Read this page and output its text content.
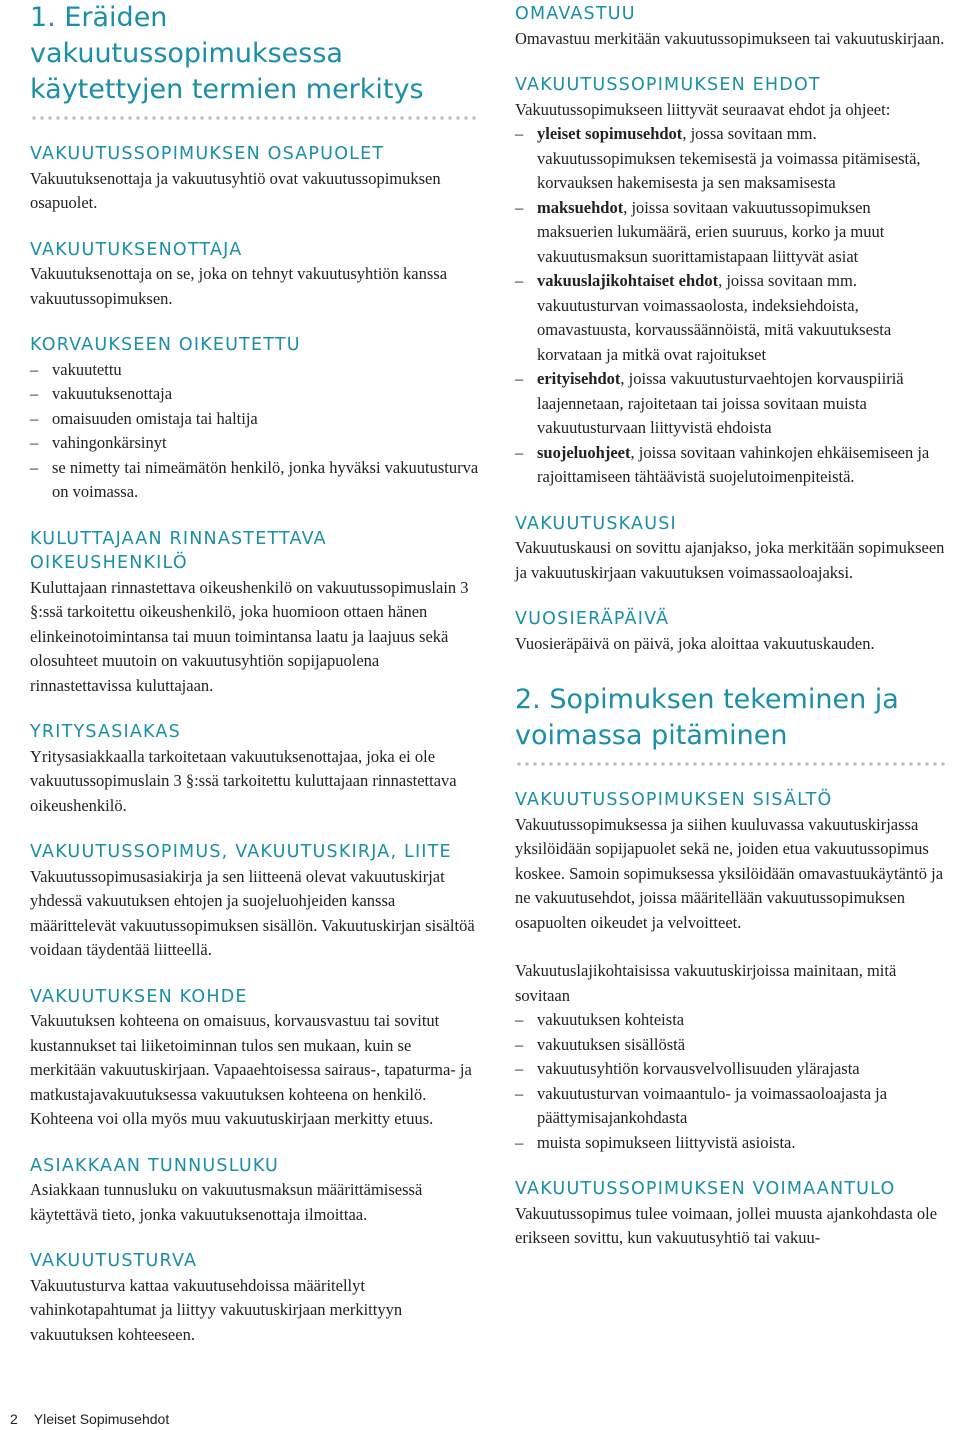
1. Eräiden vakuutussopimuksessa käytettyjen termien merkitys
VAKUUTUSSOPIMUKSEN OSAPUOLET

Vakuutuksenottaja ja vakuutusyhtiö ovat vakuutussopimuksen osapuolet.

VAKUUTUKSENOTTAJA

Vakuutuksenottaja on se, joka on tehnyt vakuutusyhtiön kanssa vakuutussopimuksen.

KORVAUKSEEN OIKEUTETTU
– vakuutettu
– vakuutuksenottaja
– omaisuuden omistaja tai haltija
– vahingonkärsinyt
– se nimetty tai nimeämätön henkilö, jonka hyväksi vakuutusturva on voimassa.
KULUTTAJAAN RINNASTETTAVA OIKEUSHENKILÖ

Kuluttajaan rinnastettava oikeushenkilö on vakuutussopimuslain 3 §:ssä tarkoitettu oikeushenkilö, joka huomioon ottaen hänen elinkeinotoimintansa tai muun toimintansa laatu ja laajuus sekä olosuhteet muutoin on vakuutusyhtiön sopijapuolena rinnastettavissa kuluttajaan.

YRITYSASIAKAS

Yritysasiakkaalla tarkoitetaan vakuutuksenottajaa, joka ei ole vakuutussopimuslain 3 §:ssä tarkoitettu kuluttajaan rinnastettava oikeushenkilö.

VAKUUTUSSOPIMUS, VAKUUTUSKIRJA, LIITE

Vakuutussopimusasiakirja ja sen liitteenä olevat vakuutuskirjat yhdessä vakuutuksen ehtojen ja suojeluohjeiden kanssa määrittelevät vakuutussopimuksen sisällön. Vakuutuskirjan sisältöä voidaan täydentää liitteellä.

VAKUUTUKSEN KOHDE

Vakuutuksen kohteena on omaisuus, korvausvastuu tai sovitut kustannukset tai liiketoiminnan tulos sen mukaan, kuin se merkitään vakuutuskirjaan. Vapaaehtoisessa sairaus-, tapaturma- ja matkustajavakuutuksessa vakuutuksen kohteena on henkilö. Kohteena voi olla myös muu vakuutuskirjaan merkitty etuus.

ASIAKKAAN TUNNUSLUKU

Asiakkaan tunnusluku on vakuutusmaksun määrittämisessä käytettävä tieto, jonka vakuutuksenottaja ilmoittaa.

VAKUUTUSTURVA

Vakuutusturva kattaa vakuutusehdoissa määritellyt vahinkotapahtumat ja liittyy vakuutuskirjaan merkittyyn vakuutuksen kohteeseen.

OMAVASTUU

Omavastuu merkitään vakuutussopimukseen tai vakuutuskirjaan.

VAKUUTUSSOPIMUKSEN EHDOT

Vakuutussopimukseen liittyvät seuraavat ehdot ja ohjeet:

– yleiset sopimusehdot, jossa sovitaan mm. vakuutussopimuksen tekemisestä ja voimassa pitämisestä, korvauksen hakemisesta ja sen maksamisesta
– maksuehdot, joissa sovitaan vakuutussopimuksen maksuerien lukumäärä, erien suuruus, korko ja muut vakuutusmaksun suorittamistapaan liittyvät asiat
– vakuuslajikohtaiset ehdot, joissa sovitaan mm. vakuutusturvan voimassaolosta, indeksiehdoista, omavastuusta, korvaussäännöistä, mitä vakuutuksesta korvataan ja mitkä ovat rajoitukset
– erityisehdot, joissa vakuutusturvaehtojen korvauspiiriä laajennetaan, rajoitetaan tai joissa sovitaan muista vakuutusturvaan liittyvistä ehdoista
– suojeluohjeet, joissa sovitaan vahinkojen ehkäisemiseen ja rajoittamiseen tähtäävistä suojelutoimenpiteistä.
VAKUUTUSKAUSI

Vakuutuskausi on sovittu ajanjakso, joka merkitään sopimukseen ja vakuutuskirjaan vakuutuksen voimassaoloajaksi.

VUOSIERÄPÄIVÄ

Vuosieräpäivä on päivä, joka aloittaa vakuutuskauden.

2. Sopimuksen tekeminen ja voimassa pitäminen
VAKUUTUSSOPIMUKSEN SISÄLTÖ

Vakuutussopimuksessa ja siihen kuuluvassa vakuutuskirjassa yksilöidään sopijapuolet sekä ne, joiden etua vakuutussopimus koskee. Samoin sopimuksessa yksilöidään omavastuukäytäntö ja ne vakuutusehdot, joissa määritellään vakuutussopimuksen osapuolten oikeudet ja velvoitteet.

Vakuutuslajikohtaisissa vakuutuskirjoissa mainitaan, mitä sovitaan

– vakuutuksen kohteista
– vakuutuksen sisällöstä
– vakuutusyhtiön korvausvelvollisuuden ylärajasta
– vakuutusturvan voimaantulo- ja voimassaoloajasta ja päättymisajankohdasta
– muista sopimukseen liittyvistä asioista.
VAKUUTUSSOPIMUKSEN VOIMAANTULO

Vakuutussopimus tulee voimaan, jollei muusta ajankohdasta ole erikseen sovittu, kun vakuutusyhtiö tai vakuu-

2 Yleiset Sopimusehdot
